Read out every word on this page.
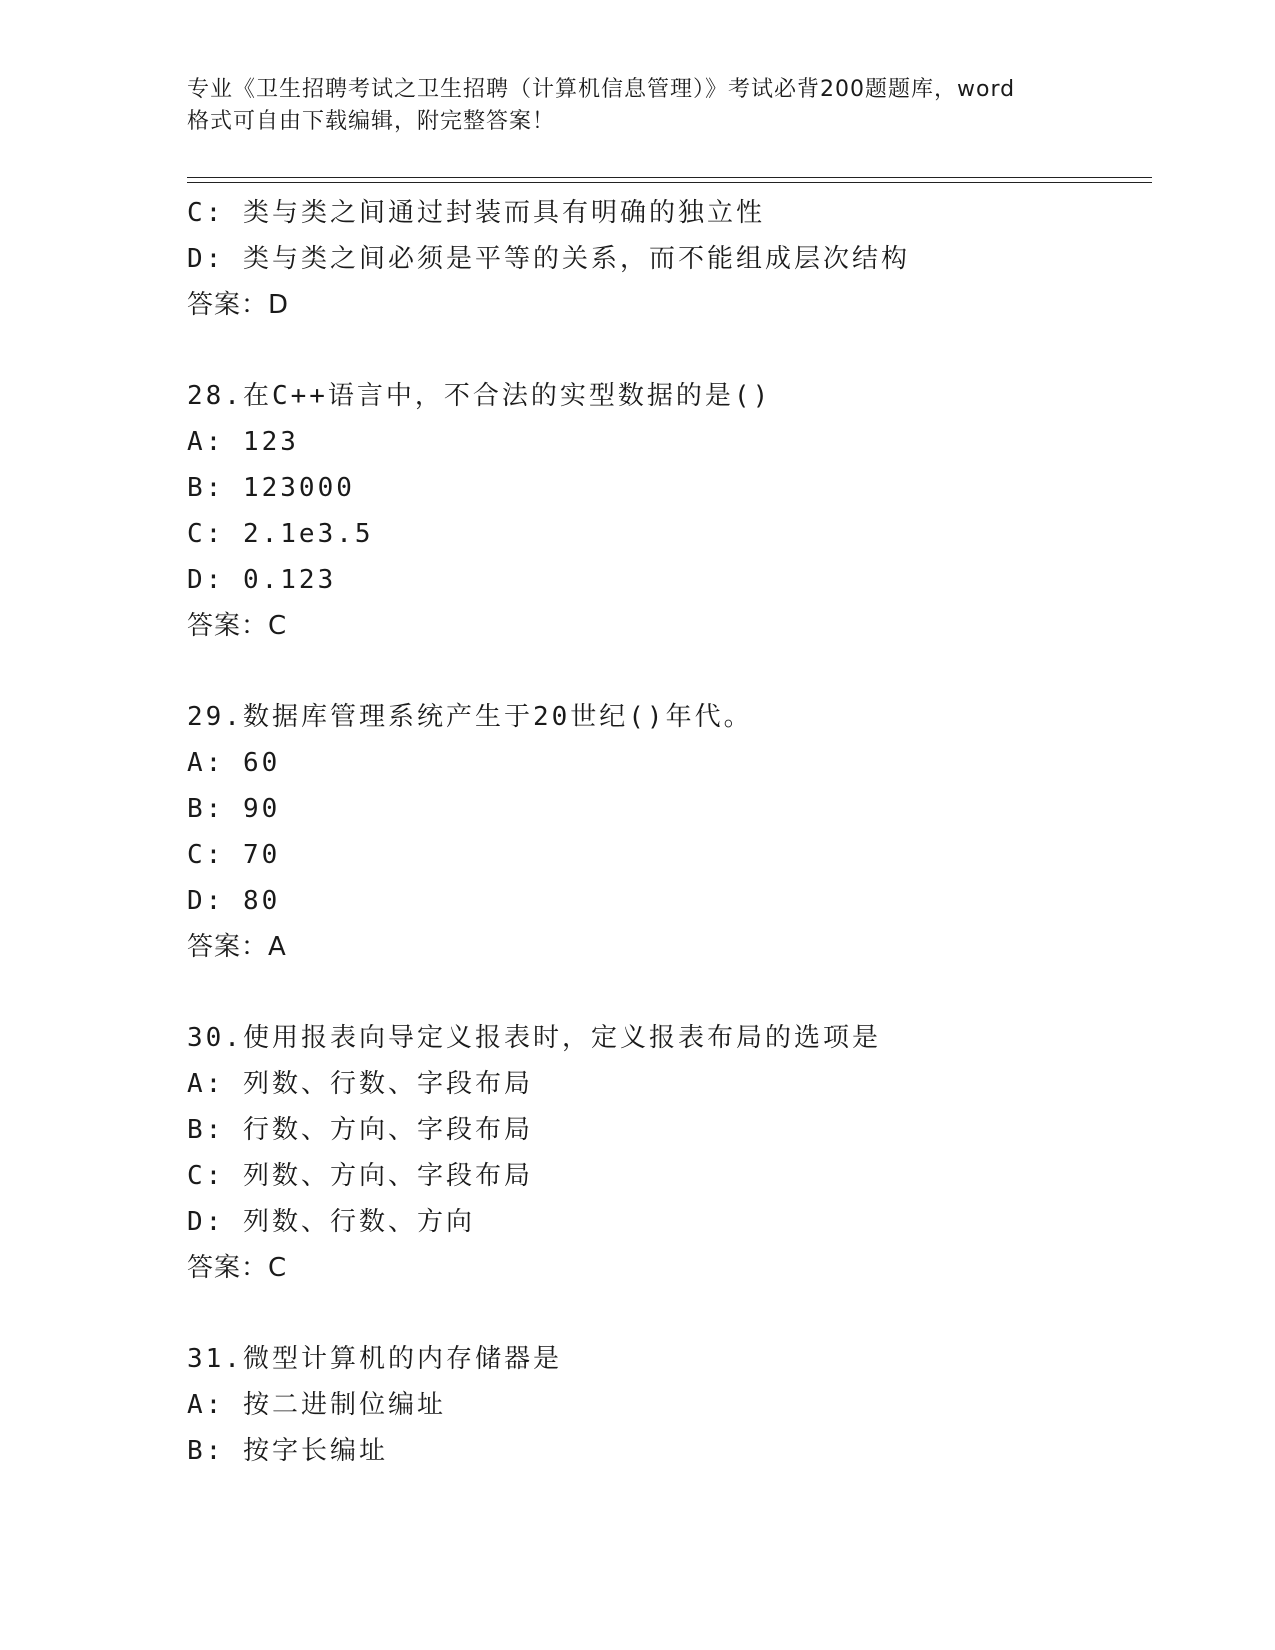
专业《卫生招聘考试之卫生招聘（计算机信息管理）》考试必背200题题库，word
格式可自由下载编辑，附完整答案！
C: 类与类之间通过封装而具有明确的独立性
D: 类与类之间必须是平等的关系，而不能组成层次结构
答案：D
28.在C++语言中，不合法的实型数据的是()
A: 123
B: 123000
C: 2.1e3.5
D: 0.123
答案：C
29.数据库管理系统产生于20世纪()年代。
A: 60
B: 90
C: 70
D: 80
答案：A
30.使用报表向导定义报表时，定义报表布局的选项是
A: 列数、行数、字段布局
B: 行数、方向、字段布局
C: 列数、方向、字段布局
D: 列数、行数、方向
答案：C
31.微型计算机的内存储器是
A: 按二进制位编址
B: 按字长编址
